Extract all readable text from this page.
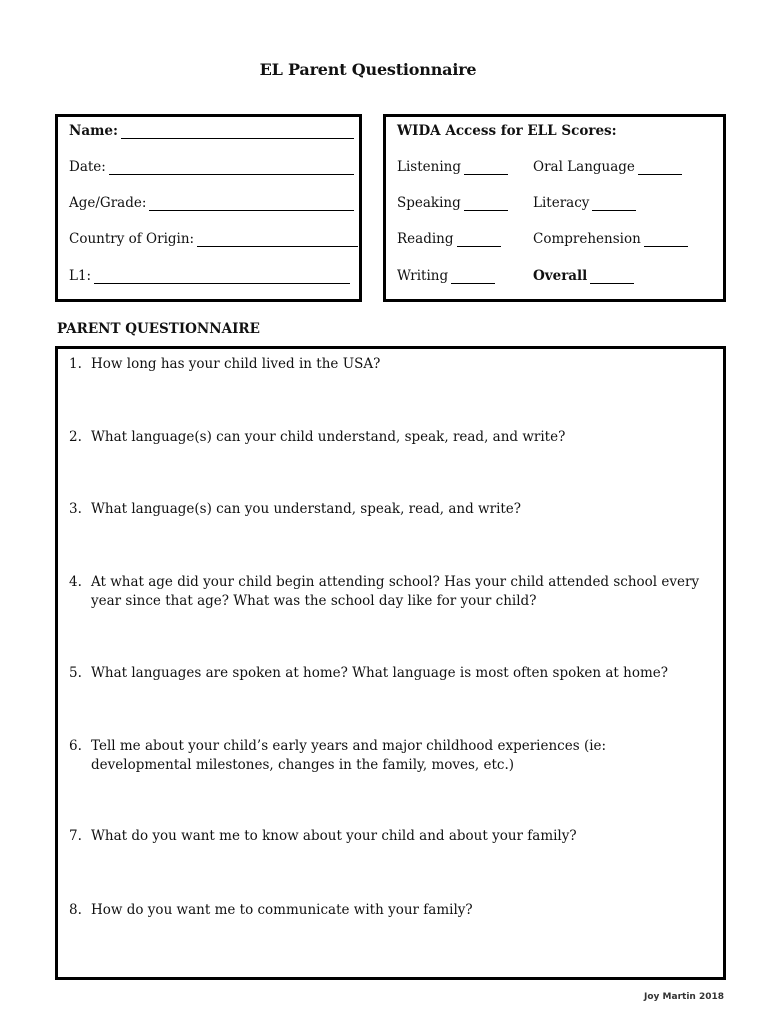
EL Parent Questionnaire
Name:
Date:
Age/Grade:
Country of Origin:
L1:
WIDA Access for ELL Scores:
Listening	Oral Language
Speaking	Literacy
Reading	Comprehension
Writing	Overall
PARENT QUESTIONNAIRE
1. How long has your child lived in the USA?
2. What language(s) can your child understand, speak, read, and write?
3. What language(s) can you understand, speak, read, and write?
4. At what age did your child begin attending school? Has your child attended school every year since that age? What was the school day like for your child?
5. What languages are spoken at home? What language is most often spoken at home?
6. Tell me about your child’s early years and major childhood experiences (ie: developmental milestones, changes in the family, moves, etc.)
7. What do you want me to know about your child and about your family?
8. How do you want me to communicate with your family?
Joy Martin 2018
